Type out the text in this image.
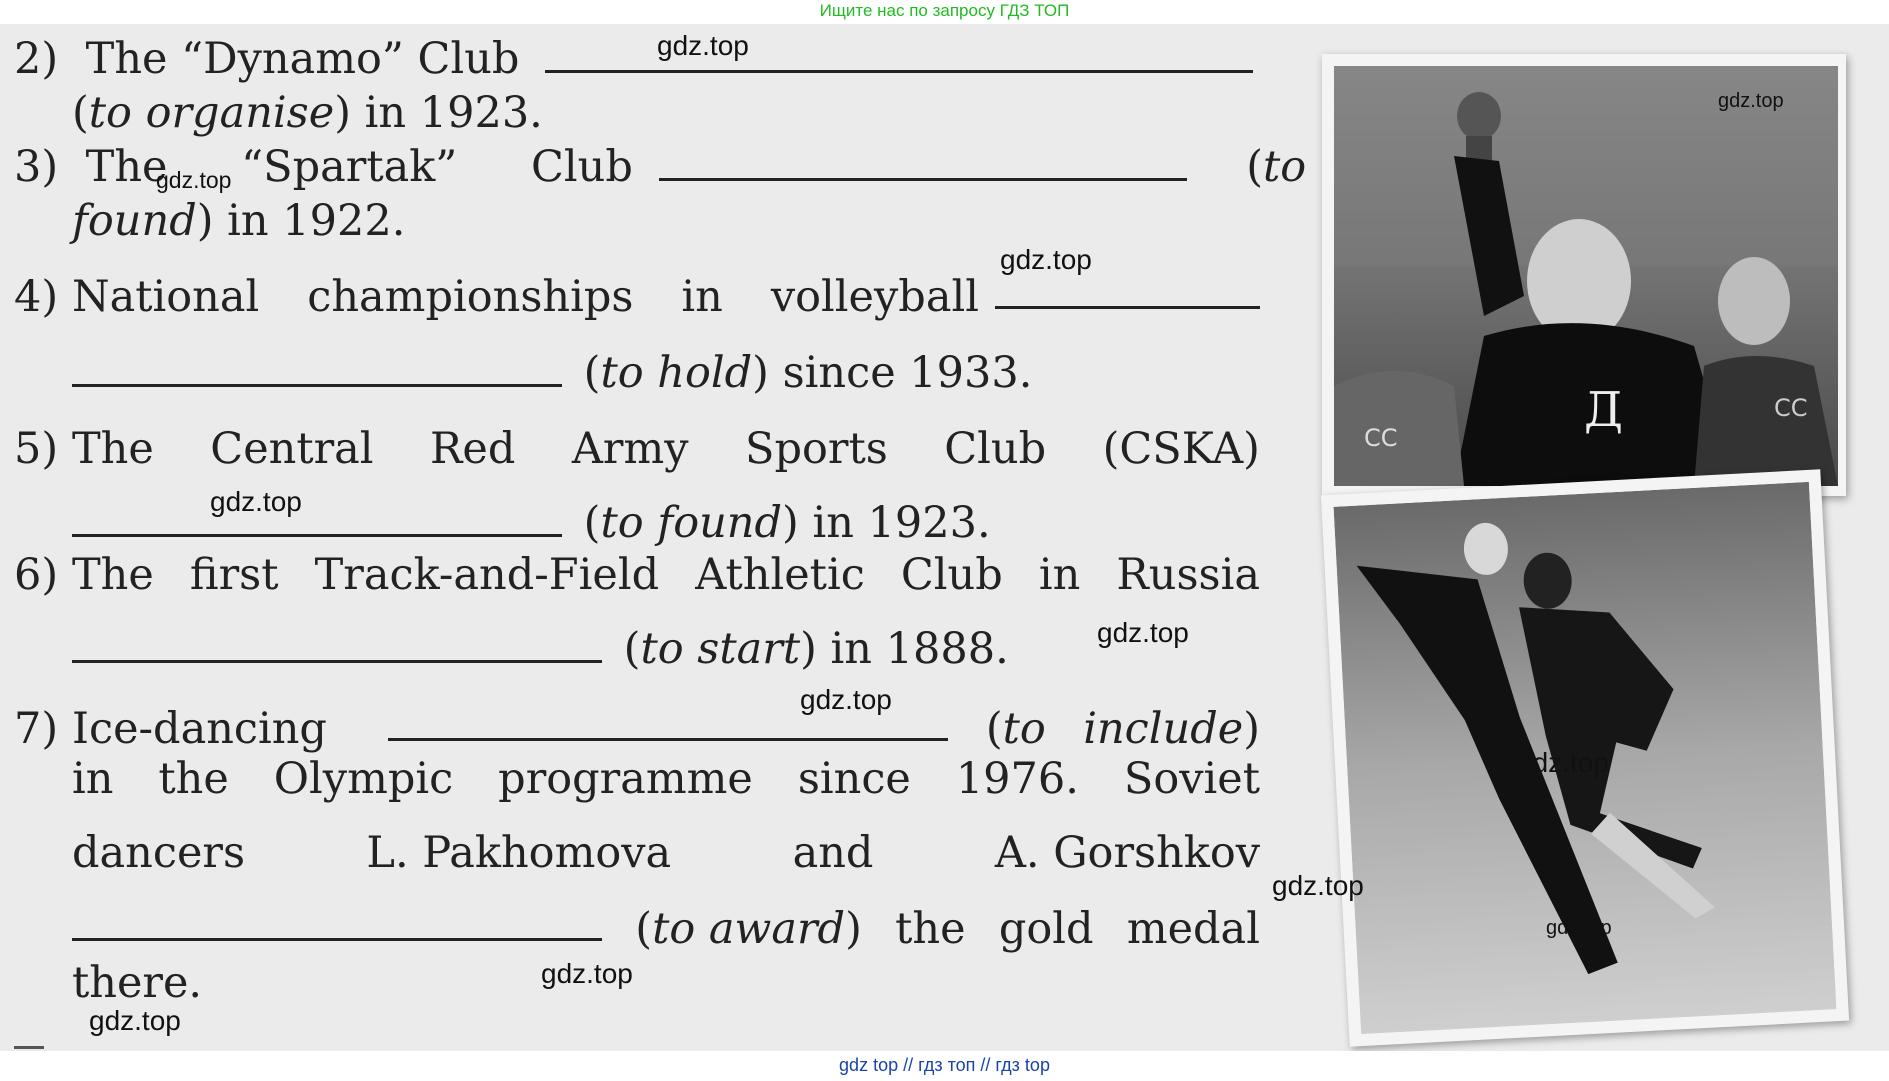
Ищите нас по запросу ГДЗ ТОП
2) The “Dynamo” Club
(to organise) in 1923.
3) The “Spartak” Club	(to
found) in 1922.
4) National championships in volleyball
(to hold) since 1933.
5) The Central Red Army Sports Club (CSKA)
(to found) in 1923.
6) The first Track-and-Field Athletic Club in Russia
(to start) in 1888.
7) Ice-dancing	(to include)
in the Olympic programme since 1976. Soviet
dancers	L. Pakhomova	and	A. Gorshkov
(to award) the gold medal
there.
Д	СС
СС
gdz.top
gdz.top
gdz.top
gdz.top
gdz.top
gdz.top
gdz.top
gdz.top
gdz.top
gdz.top
gdz.top
gdz.top
gdz top // гдз топ // гдз top
